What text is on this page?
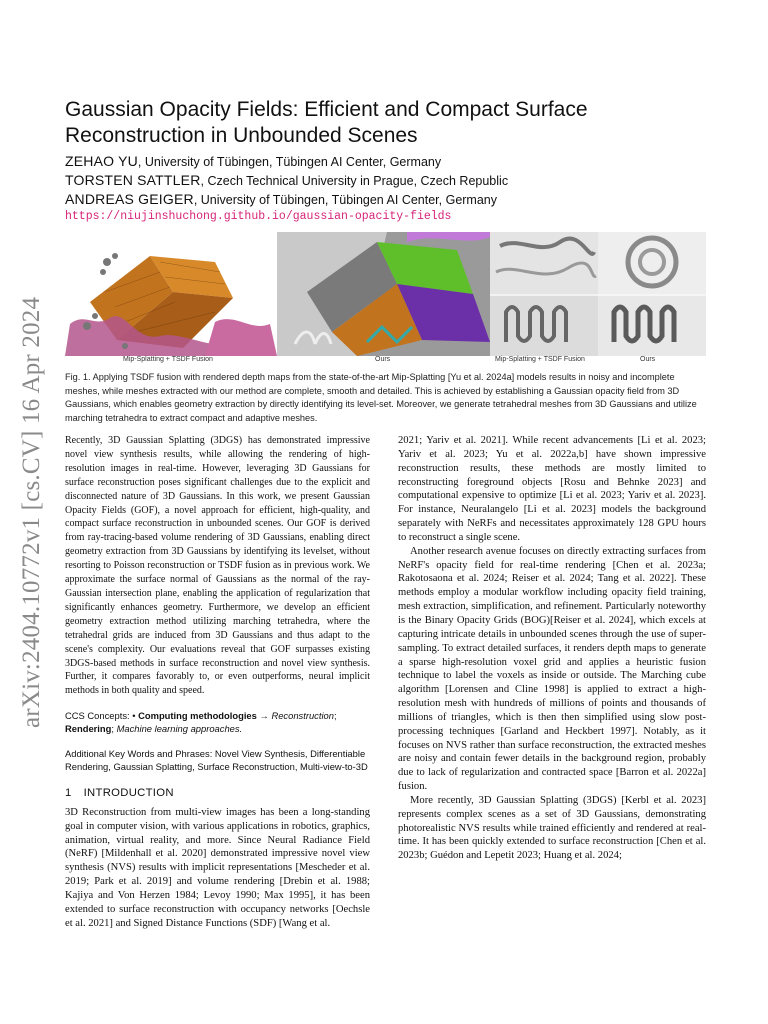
arXiv:2404.10772v1 [cs.CV] 16 Apr 2024
Gaussian Opacity Fields: Efficient and Compact Surface Reconstruction in Unbounded Scenes
ZEHAO YU, University of Tübingen, Tübingen AI Center, Germany
TORSTEN SATTLER, Czech Technical University in Prague, Czech Republic
ANDREAS GEIGER, University of Tübingen, Tübingen AI Center, Germany
https://niujinshuchong.github.io/gaussian-opacity-fields
Mip-Splatting + TSDF Fusion	Ours	Mip-Splatting + TSDF Fusion	Ours
Fig. 1. Applying TSDF fusion with rendered depth maps from the state-of-the-art Mip-Splatting [Yu et al. 2024a] models results in noisy and incomplete meshes, while meshes extracted with our method are complete, smooth and detailed. This is achieved by establishing a Gaussian opacity field from 3D Gaussians, which enables geometry extraction by directly identifying its level-set. Moreover, we generate tetrahedral meshes from 3D Gaussians and utilize marching tetrahedra to extract compact and adaptive meshes.
Recently, 3D Gaussian Splatting (3DGS) has demonstrated impressive novel view synthesis results, while allowing the rendering of high-resolution images in real-time. However, leveraging 3D Gaussians for surface reconstruction poses significant challenges due to the explicit and disconnected nature of 3D Gaussians. In this work, we present Gaussian Opacity Fields (GOF), a novel approach for efficient, high-quality, and compact surface reconstruction in unbounded scenes. Our GOF is derived from ray-tracing-based volume rendering of 3D Gaussians, enabling direct geometry extraction from 3D Gaussians by identifying its levelset, without resorting to Poisson reconstruction or TSDF fusion as in previous work. We approximate the surface normal of Gaussians as the normal of the ray-Gaussian intersection plane, enabling the application of regularization that significantly enhances geometry. Furthermore, we develop an efficient geometry extraction method utilizing marching tetrahedra, where the tetrahedral grids are induced from 3D Gaussians and thus adapt to the scene's complexity. Our evaluations reveal that GOF surpasses existing 3DGS-based methods in surface reconstruction and novel view synthesis. Further, it compares favorably to, or even outperforms, neural implicit methods in both quality and speed.
CCS Concepts: • Computing methodologies → Reconstruction; Rendering; Machine learning approaches.
Additional Key Words and Phrases: Novel View Synthesis, Differentiable Rendering, Gaussian Splatting, Surface Reconstruction, Multi-view-to-3D
1 INTRODUCTION
3D Reconstruction from multi-view images has been a long-standing goal in computer vision, with various applications in robotics, graphics, animation, virtual reality, and more. Since Neural Radiance Field (NeRF) [Mildenhall et al. 2020] demonstrated impressive novel view synthesis (NVS) results with implicit representations [Mescheder et al. 2019; Park et al. 2019] and volume rendering [Drebin et al. 1988; Kajiya and Von Herzen 1984; Levoy 1990; Max 1995], it has been extended to surface reconstruction with occupancy networks [Oechsle et al. 2021] and Signed Distance Functions (SDF) [Wang et al.

2021; Yariv et al. 2021]. While recent advancements [Li et al. 2023; Yariv et al. 2023; Yu et al. 2022a,b] have shown impressive reconstruction results, these methods are mostly limited to reconstructing foreground objects [Rosu and Behnke 2023] and computational expensive to optimize [Li et al. 2023; Yariv et al. 2023]. For instance, Neuralangelo [Li et al. 2023] models the background separately with NeRFs and necessitates approximately 128 GPU hours to reconstruct a single scene.

Another research avenue focuses on directly extracting surfaces from NeRF's opacity field for real-time rendering [Chen et al. 2023a; Rakotosaona et al. 2024; Reiser et al. 2024; Tang et al. 2022]. These methods employ a modular workflow including opacity field training, mesh extraction, simplification, and refinement. Particularly noteworthy is the Binary Opacity Grids (BOG)[Reiser et al. 2024], which excels at capturing intricate details in unbounded scenes through the use of super-sampling. To extract detailed surfaces, it renders depth maps to generate a sparse high-resolution voxel grid and applies a heuristic fusion technique to label the voxels as inside or outside. The Marching cube algorithm [Lorensen and Cline 1998] is applied to extract a high-resolution mesh with hundreds of millions of points and thousands of millions of triangles, which is then then simplified using slow post-processing techniques [Garland and Heckbert 1997]. Notably, as it focuses on NVS rather than surface reconstruction, the extracted meshes are noisy and contain fewer details in the background region, probably due to lack of regularization and contracted space [Barron et al. 2022a] fusion.

More recently, 3D Gaussian Splatting (3DGS) [Kerbl et al. 2023] represents complex scenes as a set of 3D Gaussians, demonstrating photorealistic NVS results while trained efficiently and rendered at real-time. It has been quickly extended to surface reconstruction [Chen et al. 2023b; Guédon and Lepetit 2023; Huang et al. 2024;
